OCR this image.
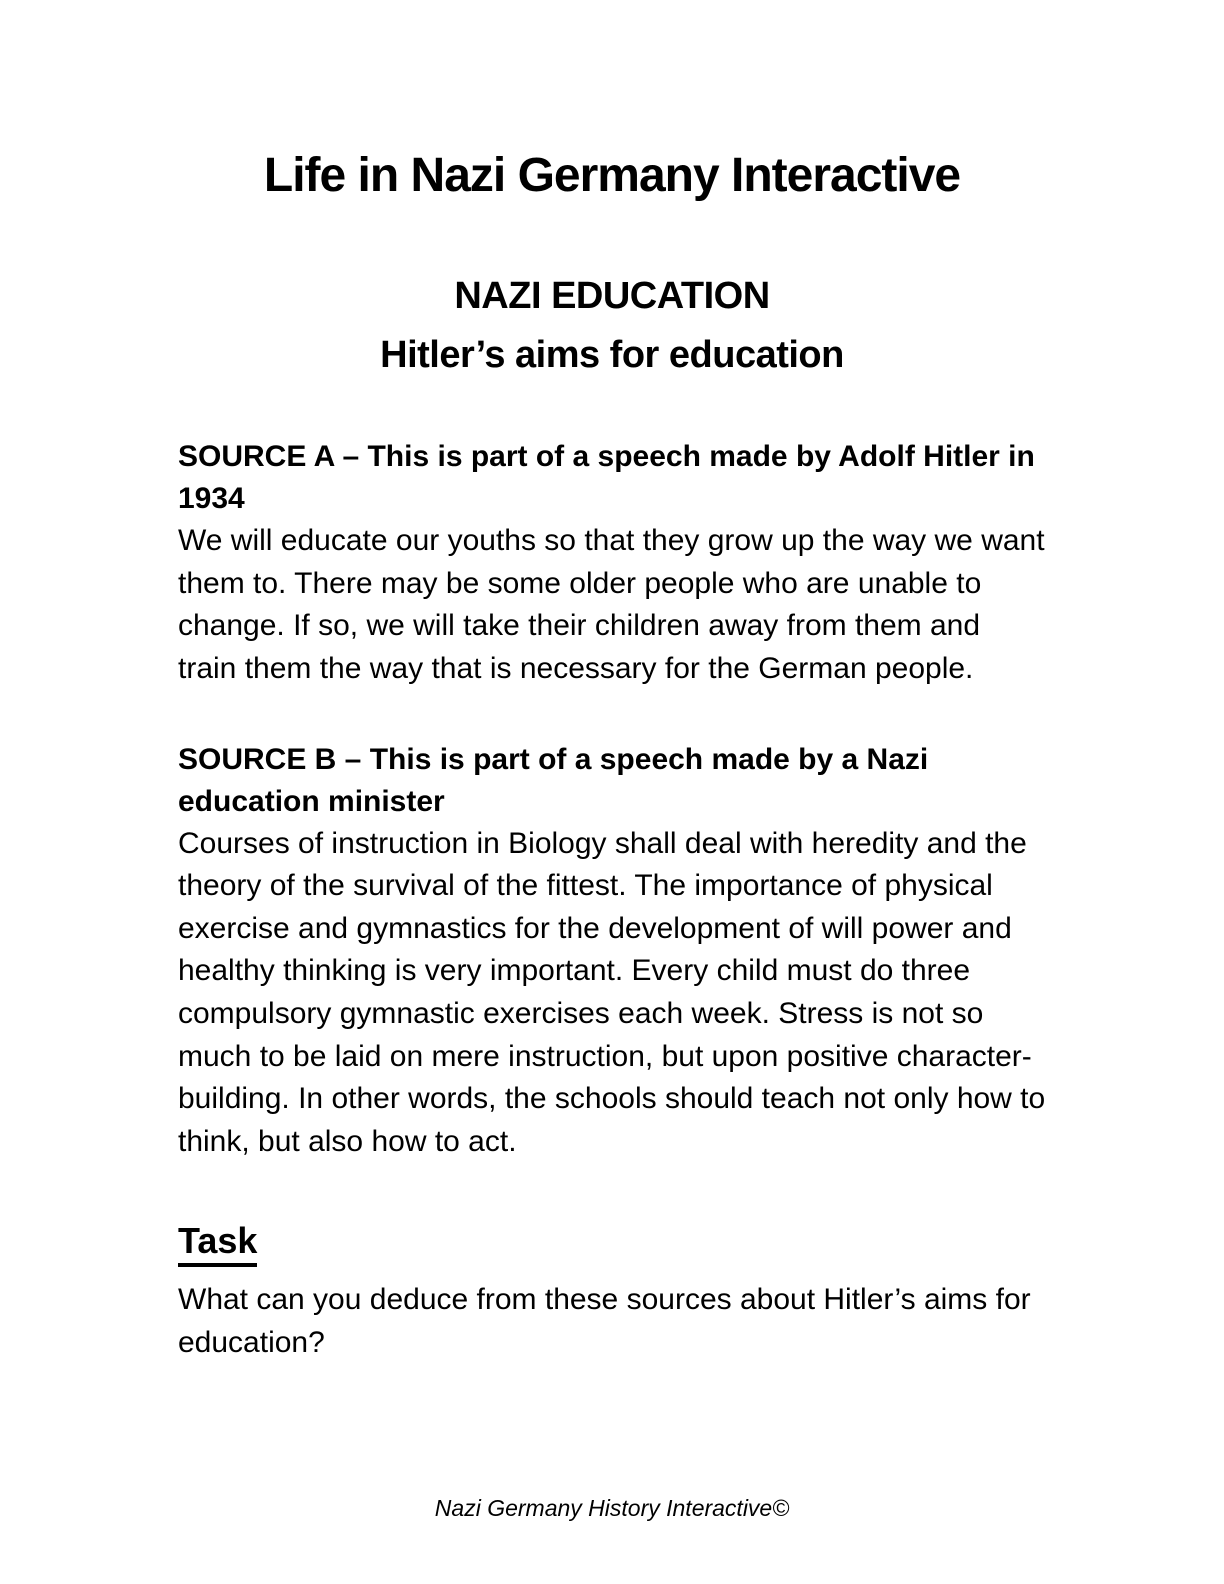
Life in Nazi Germany Interactive
NAZI EDUCATION
Hitler’s aims for education
SOURCE A – This is part of a speech made by Adolf Hitler in 1934

We will educate our youths so that they grow up the way we want them to. There may be some older people who are unable to change. If so, we will take their children away from them and train them the way that is necessary for the German people.

SOURCE B – This is part of a speech made by a Nazi education minister

Courses of instruction in Biology shall deal with heredity and the theory of the survival of the fittest. The importance of physical exercise and gymnastics for the development of will power and healthy thinking is very important. Every child must do three compulsory gymnastic exercises each week. Stress is not so much to be laid on mere instruction, but upon positive character-building. In other words, the schools should teach not only how to think, but also how to act.

Task

What can you deduce from these sources about Hitler’s aims for education?

Nazi Germany History Interactive©
